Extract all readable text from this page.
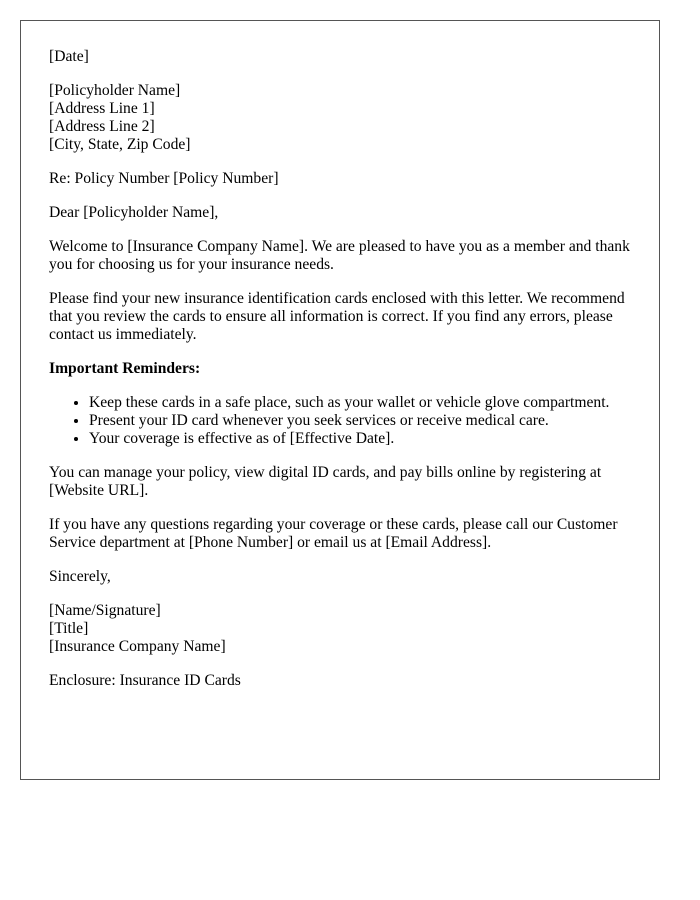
[Date]

[Policyholder Name]
[Address Line 1]
[Address Line 2]
[City, State, Zip Code]

Re: Policy Number [Policy Number]

Dear [Policyholder Name],

Welcome to [Insurance Company Name]. We are pleased to have you as a member and thank you for choosing us for your insurance needs.

Please find your new insurance identification cards enclosed with this letter. We recommend that you review the cards to ensure all information is correct. If you find any errors, please contact us immediately.

Important Reminders:

• Keep these cards in a safe place, such as your wallet or vehicle glove compartment.
• Present your ID card whenever you seek services or receive medical care.
• Your coverage is effective as of [Effective Date].

You can manage your policy, view digital ID cards, and pay bills online by registering at [Website URL].

If you have any questions regarding your coverage or these cards, please call our Customer Service department at [Phone Number] or email us at [Email Address].

Sincerely,

[Name/Signature]
[Title]
[Insurance Company Name]

Enclosure: Insurance ID Cards
